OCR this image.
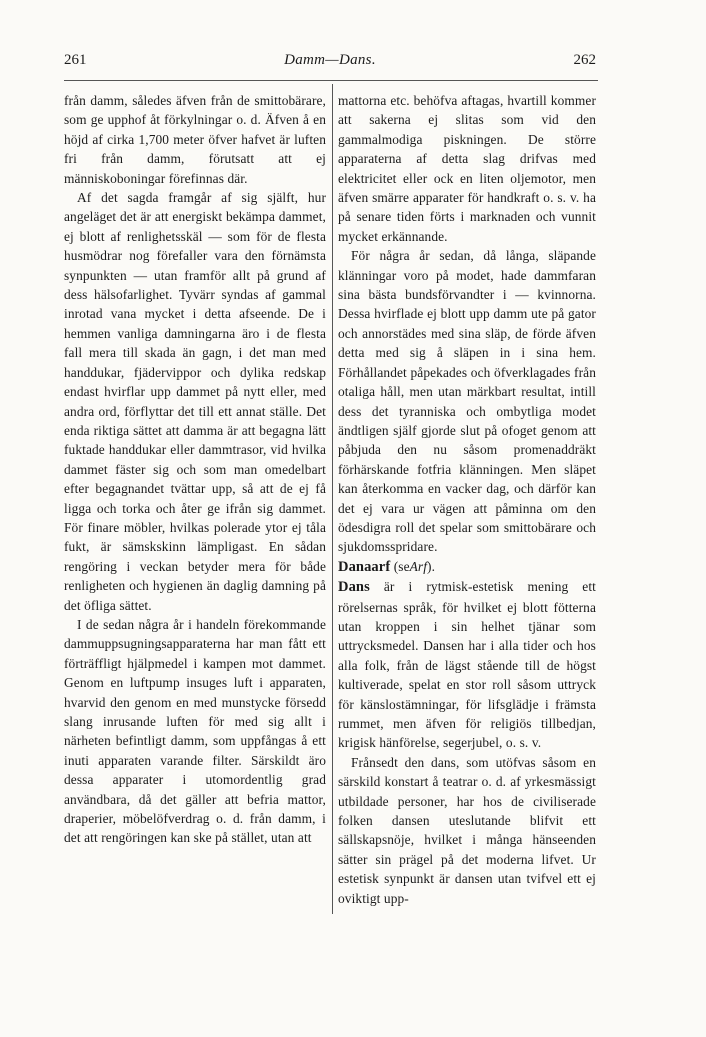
261	Damm—Dans.	262

från damm, således äfven från de smittobärare, som ge upphof åt förkylningar o. d. Äfven å en höjd af cirka 1,700 meter öfver hafvet är luften fri från damm, förutsatt att ej människoboningar förefinnas där.

Af det sagda framgår af sig själft, hur angeläget det är att energiskt bekämpa dammet, ej blott af renlighetsskäl — som för de flesta husmödrar nog förefaller vara den förnämsta synpunkten — utan framför allt på grund af dess hälsofarlighet. Tyvärr syndas af gammal inrotad vana mycket i detta afseende. De i hemmen vanliga damningarna äro i de flesta fall mera till skada än gagn, i det man med handdukar, fjädervippor och dylika redskap endast hvirflar upp dammet på nytt eller, med andra ord, förflyttar det till ett annat ställe. Det enda riktiga sättet att damma är att begagna lätt fuktade handdukar eller dammtrasor, vid hvilka dammet fäster sig och som man omedelbart efter begagnandet tvättar upp, så att de ej få ligga och torka och åter ge ifrån sig dammet. För finare möbler, hvilkas polerade ytor ej tåla fukt, är sämskskinn lämpligast. En sådan rengöring i veckan betyder mera för både renligheten och hygienen än daglig damning på det öfliga sättet.

I de sedan några år i handeln förekommande dammuppsugningsapparaterna har man fått ett förträffligt hjälpmedel i kampen mot dammet. Genom en luftpump insuges luft i apparaten, hvarvid den genom en med munstycke försedd slang inrusande luften för med sig allt i närheten befintligt damm, som uppfångas å ett inuti apparaten varande filter. Särskildt äro dessa apparater i utomordentlig grad användbara, då det gäller att befria mattor, draperier, möbelöfverdrag o. d. från damm, i det att rengöringen kan ske på stället, utan att

mattorna etc. behöfva aftagas, hvartill kommer att sakerna ej slitas som vid den gammalmodiga piskningen. De större apparaterna af detta slag drifvas med elektricitet eller ock en liten oljemotor, men äfven smärre apparater för handkraft o. s. v. ha på senare tiden förts i marknaden och vunnit mycket erkännande.

För några år sedan, då långa, släpande klänningar voro på modet, hade dammfaran sina bästa bundsförvandter i — kvinnorna. Dessa hvirflade ej blott upp damm ute på gator och annorstädes med sina släp, de förde äfven detta med sig å släpen in i sina hem. Förhållandet påpekades och öfverklagades från otaliga håll, men utan märkbart resultat, intill dess det tyranniska och ombytliga modet ändtligen själf gjorde slut på ofoget genom att påbjuda den nu såsom promenaddräkt förhärskande fotfria klänningen. Men släpet kan återkomma en vacker dag, och därför kan det ej vara ur vägen att påminna om den ödesdigra roll det spelar som smittobärare och sjukdomsspridare.

Danaarf (seArf).

Dans är i rytmisk-estetisk mening ett rörelsernas språk, för hvilket ej blott fötterna utan kroppen i sin helhet tjänar som uttrycksmedel. Dansen har i alla tider och hos alla folk, från de lägst stående till de högst kultiverade, spelat en stor roll såsom uttryck för känslostämningar, för lifsglädje i främsta rummet, men äfven för religiös tillbedjan, krigisk hänförelse, segerjubel, o. s. v.

Frånsedt den dans, som utöfvas såsom en särskild konstart å teatrar o. d. af yrkesmässigt utbildade personer, har hos de civiliserade folken dansen uteslutande blifvit ett sällskapsnöje, hvilket i många hänseenden sätter sin prägel på det moderna lifvet. Ur estetisk synpunkt är dansen utan tvifvel ett ej oviktigt upp-
